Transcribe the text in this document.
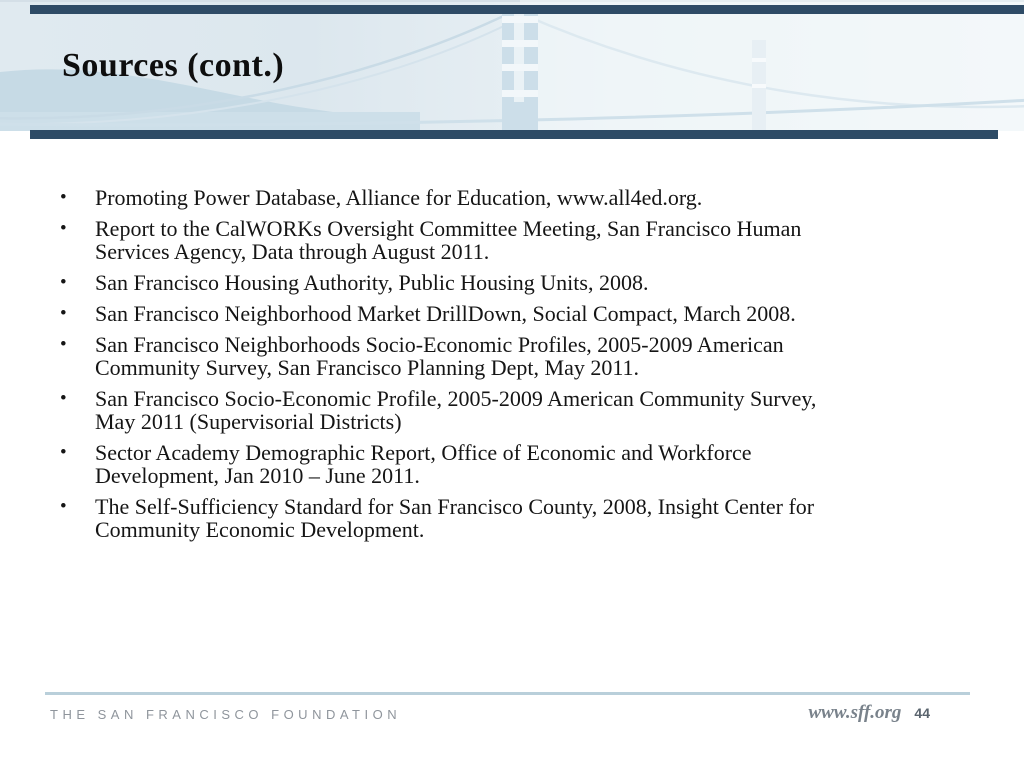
Sources (cont.)
• Promoting Power Database, Alliance for Education, www.all4ed.org.
• Report to the CalWORKs Oversight Committee Meeting, San Francisco Human
Services Agency, Data through August 2011.
• San Francisco Housing Authority, Public Housing Units, 2008.
• San Francisco Neighborhood Market DrillDown, Social Compact, March 2008.
• San Francisco Neighborhoods Socio-Economic Profiles, 2005-2009 American
Community Survey, San Francisco Planning Dept, May 2011.
• San Francisco Socio-Economic Profile, 2005-2009 American Community Survey,
May 2011 (Supervisorial Districts)
• Sector Academy Demographic Report, Office of Economic and Workforce
Development, Jan 2010 – June 2011.
• The Self-Sufficiency Standard for San Francisco County, 2008, Insight Center for
Community Economic Development.
THE SAN FRANCISCO FOUNDATION	www.sff.org 44
